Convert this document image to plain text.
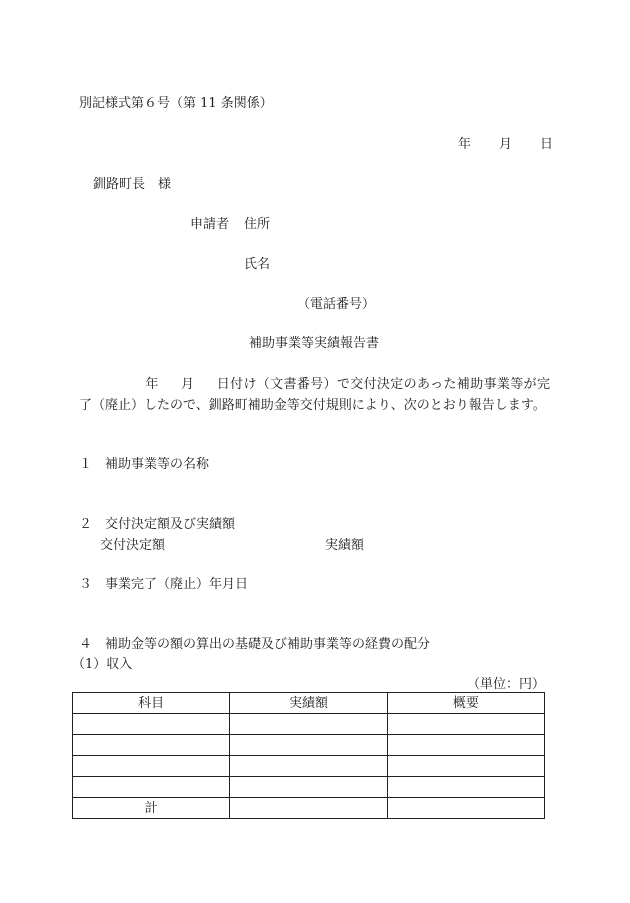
別記様式第６号（第 11 条関係）
年 月 日
釧路町長　様
申請者 住所
氏名
（電話番号）
補助事業等実績報告書
年 月 日付け（文書番号）で交付決定のあった補助事業等が完了（廃止）したので、釧路町補助金等交付規則により、次のとおり報告します。
１　補助事業等の名称
２　交付決定額及び実績額
交付決定額	実績額
３　事業完了（廃止）年月日
４　補助金等の額の算出の基礎及び補助事業等の経費の配分
（1）収入
（単位：円）
科目	実績額	概要

計		
